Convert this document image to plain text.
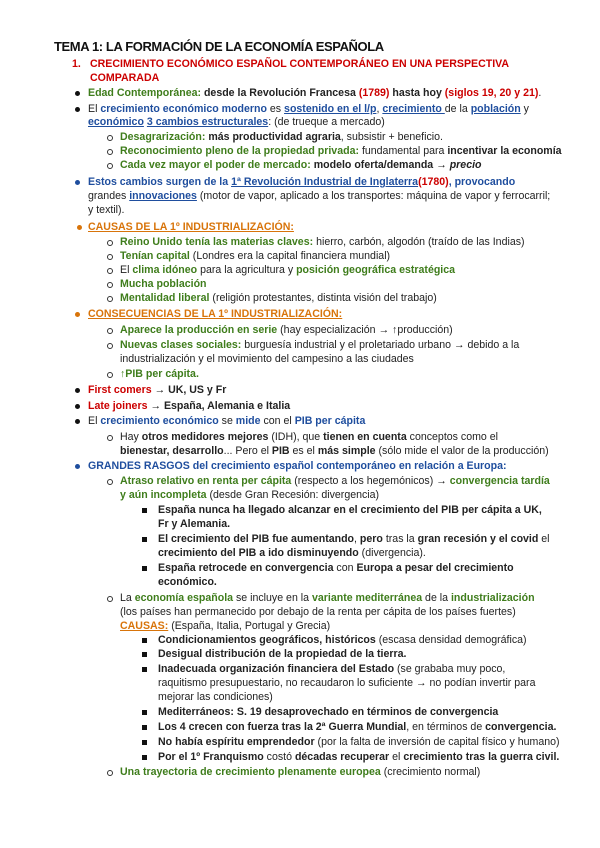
TEMA 1: LA FORMACIÓN DE LA ECONOMÍA ESPAÑOLA
1. CRECIMIENTO ECONÓMICO ESPAÑOL CONTEMPORÁNEO EN UNA PERSPECTIVA
COMPARADA
Edad Contemporánea: desde la Revolución Francesa (1789) hasta hoy (siglos 19, 20 y 21).
El crecimiento económico moderno es sostenido en el l/p, crecimiento de la población y
económico 3 cambios estructurales: (de trueque a mercado)
Desagrarización: más productividad agraria, subsistir + beneficio.
Reconocimiento pleno de la propiedad privada: fundamental para incentivar la economía
Cada vez mayor el poder de mercado: modelo oferta/demanda → precio
Estos cambios surgen de la 1ª Revolución Industrial de Inglaterra(1780), provocando
grandes innovaciones (motor de vapor, aplicado a los transportes: máquina de vapor y ferrocarril;
y textil).
CAUSAS DE LA 1º INDUSTRIALIZACIÓN:
Reino Unido tenía las materias claves: hierro, carbón, algodón (traído de las Indias)
Tenían capital (Londres era la capital financiera mundial)
El clima idóneo para la agricultura y posición geográfica estratégica
Mucha población
Mentalidad liberal (religión protestantes, distinta visión del trabajo)
CONSECUENCIAS DE LA 1º INDUSTRIALIZACIÓN:
Aparece la producción en serie (hay especialización → ↑producción)
Nuevas clases sociales: burguesía industrial y el proletariado urbano → debido a la
industrialización y el movimiento del campesino a las ciudades
↑PIB per cápita.
First comers → UK, US y Fr
Late joiners → España, Alemania e Italia
El crecimiento económico se mide con el PIB per cápita
Hay otros medidores mejores (IDH), que tienen en cuenta conceptos como el
bienestar, desarrollo... Pero el PIB es el más simple (sólo mide el valor de la producción)
GRANDES RASGOS del crecimiento español contemporáneo en relación a Europa:
Atraso relativo en renta per cápita (respecto a los hegemónicos) → convergencia tardía
y aún incompleta (desde Gran Recesión: divergencia)
España nunca ha llegado alcanzar en el crecimiento del PIB per cápita a UK,
Fr y Alemania.
El crecimiento del PIB fue aumentando, pero tras la gran recesión y el covid el
crecimiento del PIB a ido disminuyendo (divergencia).
España retrocede en convergencia con Europa a pesar del crecimiento
económico.
La economía española se incluye en la variante mediterránea de la industrialización
(los países han permanecido por debajo de la renta per cápita de los países fuertes)
CAUSAS: (España, Italia, Portugal y Grecia)
Condicionamientos geográficos, históricos (escasa densidad demográfica)
Desigual distribución de la propiedad de la tierra.
Inadecuada organización financiera del Estado (se grababa muy poco,
raquitismo presupuestario, no recaudaron lo suficiente → no podían invertir para
mejorar las condiciones)
Mediterráneos: S. 19 desaprovechado en términos de convergencia
Los 4 crecen con fuerza tras la 2ª Guerra Mundial, en términos de convergencia.
No había espíritu emprendedor (por la falta de inversión de capital físico y humano)
Por el 1º Franquismo costó décadas recuperar el crecimiento tras la guerra civil.
Una trayectoria de crecimiento plenamente europea (crecimiento normal)
